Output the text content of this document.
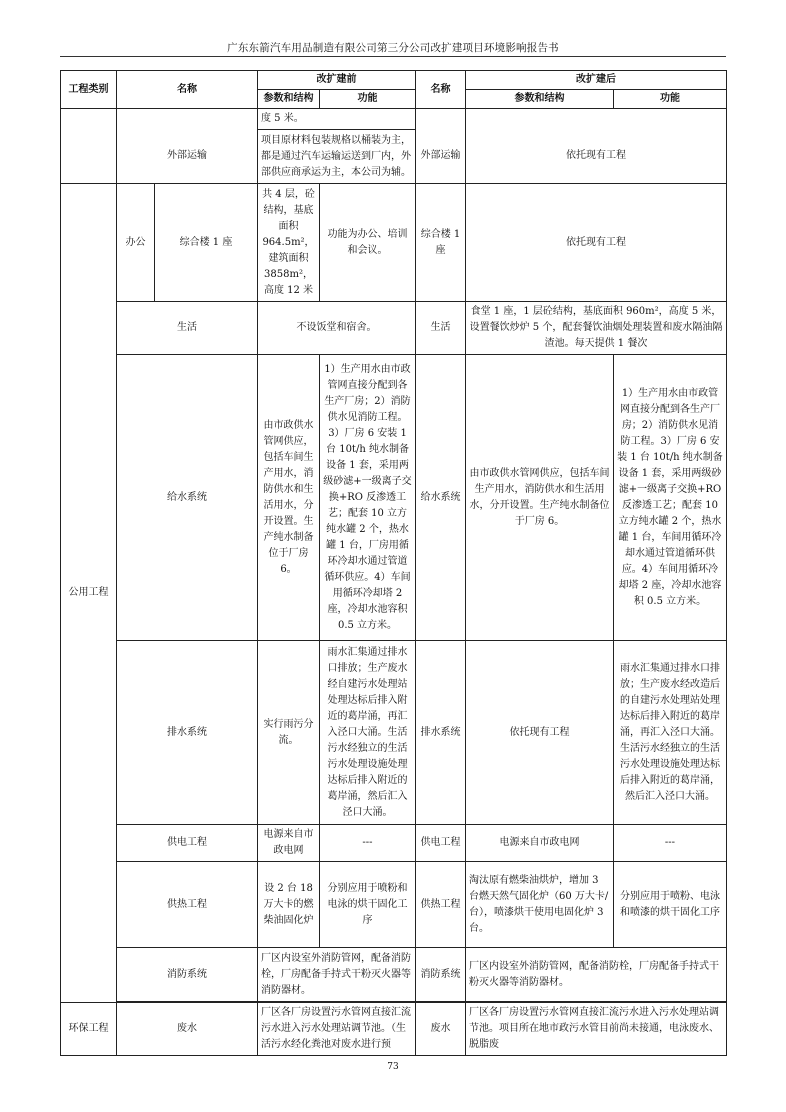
广东东箭汽车用品制造有限公司第三分公司改扩建项目环境影响报告书
工程类别	名称		改扩建前		名称	改扩建后	
			参数和结构	功能		参数和结构	功能
			度 5 米。				
	外部运输		项目原材料包装规格以桶装为主，都是通过汽车运输运送到厂内，外部供应商承运为主，本公司为辅。		外部运输	依托现有工程	
公用工程	办公	综合楼 1 座	共 4 层，砼结构，基底面积 964.5m²，建筑面积 3858m²，高度 12 米	功能为办公、培训和会议。	综合楼 1 座	依托现有工程	
	生活		不设饭堂和宿舍。		生活	食堂 1 座，1 层砼结构，基底面积 960m²，高度 5 米，设置餐饮炒炉 5 个，配套餐饮油烟处理装置和废水隔油隔渣池。每天提供 1 餐次	
	给水系统		由市政供水管网供应，包括车间生产用水，消防供水和生活用水，分开设置。生产纯水制备位于厂房 6。	1）生产用水由市政管网直接分配到各生产厂房；2）消防供水见消防工程。3）厂房 6 安装 1 台 10t/h 纯水制备设备 1 套，采用两级砂滤+一级离子交换+RO 反渗透工艺；配套 10 立方纯水罐 2 个，热水罐 1 台，厂房用循环冷却水通过管道循环供应。4）车间用循环冷却塔 2 座，冷却水池容积 0.5 立方米。	给水系统	由市政供水管网供应，包括车间生产用水，消防供水和生活用水，分开设置。生产纯水制备位于厂房 6。	1）生产用水由市政管网直接分配到各生产厂房；2）消防供水见消防工程。3）厂房 6 安装 1 台 10t/h 纯水制备设备 1 套，采用两级砂滤+一级离子交换+RO 反渗透工艺；配套 10 立方纯水罐 2 个，热水罐 1 台，车间用循环冷却水通过管道循环供应。4）车间用循环冷却塔 2 座，冷却水池容积 0.5 立方米。
	排水系统		实行雨污分流。	雨水汇集通过排水口排放；生产废水经自建污水处理站处理达标后排入附近的葛岸涌，再汇入泾口大涌。生活污水经独立的生活污水处理设施处理达标后排入附近的葛岸涌，然后汇入泾口大涌。	排水系统	依托现有工程	雨水汇集通过排水口排放；生产废水经改造后的自建污水处理站处理达标后排入附近的葛岸涌，再汇入泾口大涌。生活污水经独立的生活污水处理设施处理达标后排入附近的葛岸涌，然后汇入泾口大涌。
	供电工程		电源来自市政电网	---	供电工程	电源来自市政电网	---
	供热工程		设 2 台 18 万大卡的燃柴油固化炉	分别应用于喷粉和电泳的烘干固化工序	供热工程	淘汰原有燃柴油烘炉，增加 3 台燃天然气固化炉（60 万大卡/台），喷漆烘干使用电固化炉 3 台。	分别应用于喷粉、电泳和喷漆的烘干固化工序
	消防系统		厂区内设室外消防管网，配备消防栓，厂房配备手持式干粉灭火器等消防器材。		消防系统	厂区内设室外消防管网，配备消防栓，厂房配备手持式干粉灭火器等消防器材。	

环保工程	废水		厂区各厂房设置污水管网直接汇流污水进入污水处理站调节池。（生活污水经化粪池对废水进行预		废水	厂区各厂房设置污水管网直接汇流污水进入污水处理站调节池。项目所在地市政污水管目前尚未接通，电泳废水、脱脂废	
73
